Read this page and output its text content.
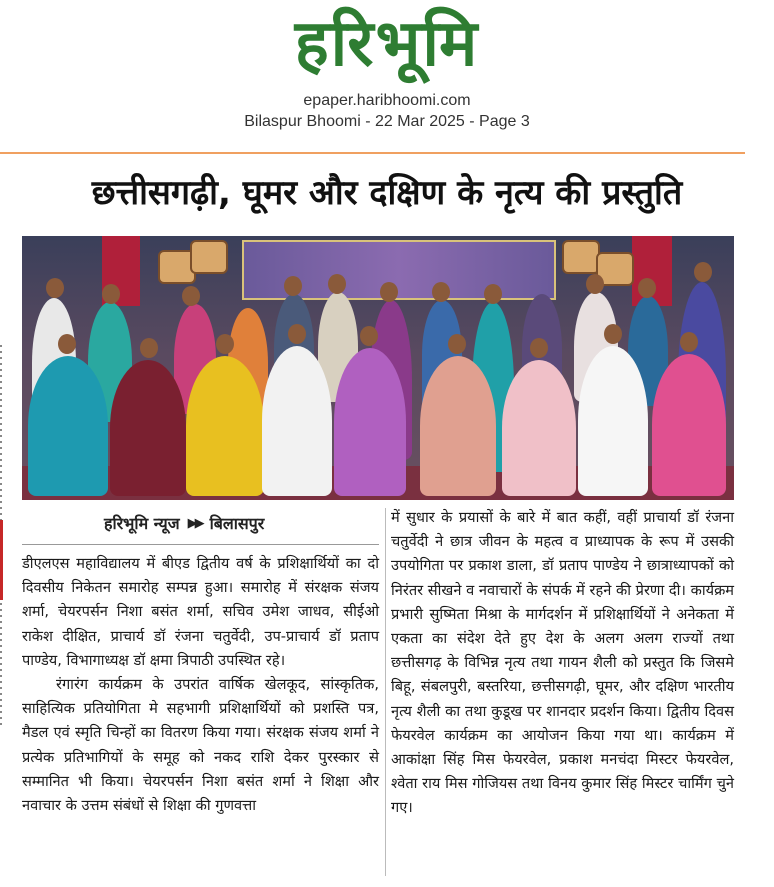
हरिभूमि
epaper.haribhoomi.com
Bilaspur Bhoomi - 22 Mar 2025 - Page 3
छत्तीसगढ़ी, घूमर और दक्षिण के नृत्य की प्रस्तुति
हरिभूमि न्यूज ▶▶ बिलासपुर

डीएलएस महाविद्यालय में बीएड द्वितीय वर्ष के प्रशिक्षार्थियों का दो दिवसीय निकेतन समारोह सम्पन्न हुआ। समारोह में संरक्षक संजय शर्मा, चेयरपर्सन निशा बसंत शर्मा, सचिव उमेश जाधव, सीईओ राकेश दीक्षित, प्राचार्य डॉ रंजना चतुर्वेदी, उप-प्राचार्य डॉ प्रताप पाण्डेय, विभागाध्यक्ष डॉ क्षमा त्रिपाठी उपस्थित रहे।

रंगारंग कार्यक्रम के उपरांत वार्षिक खेलकूद, सांस्कृतिक, साहित्यिक प्रतियोगिता मे सहभागी प्रशिक्षार्थियों को प्रशस्ति पत्र, मैडल एवं स्मृति चिन्हों का वितरण किया गया। संरक्षक संजय शर्मा ने प्रत्येक प्रतिभागियों के समूह को नकद राशि देकर पुरस्कार से सम्मानित भी किया। चेयरपर्सन निशा बसंत शर्मा ने शिक्षा और नवाचार के उत्तम संबंधों से शिक्षा की गुणवत्ता

में सुधार के प्रयासों के बारे में बात कहीं, वहीं प्राचार्या डॉ रंजना चतुर्वेदी ने छात्र जीवन के महत्व व प्राध्यापक के रूप में उसकी उपयोगिता पर प्रकाश डाला, डॉ प्रताप पाण्डेय ने छात्राध्यापकों को निरंतर सीखने व नवाचारों के संपर्क में रहने की प्रेरणा दी। कार्यक्रम प्रभारी सुष्मिता मिश्रा के मार्गदर्शन में प्रशिक्षार्थियों ने अनेकता में एकता का संदेश देते हुए देश के अलग अलग राज्यों तथा छत्तीसगढ़ के विभिन्न नृत्य तथा गायन शैली को प्रस्तुत कि जिसमे बिहू, संबलपुरी, बस्तरिया, छत्तीसगढ़ी, घूमर, और दक्षिण भारतीय नृत्य शैली का तथा कुडूख पर शानदार प्रदर्शन किया। द्वितीय दिवस फेयरवेल कार्यक्रम का आयोजन किया गया था। कार्यक्रम में आकांक्षा सिंह मिस फेयरवेल, प्रकाश मनचंदा मिस्टर फेयरवेल, श्वेता राय मिस गोजियस तथा विनय कुमार सिंह मिस्टर चार्मिंग चुने गए।
